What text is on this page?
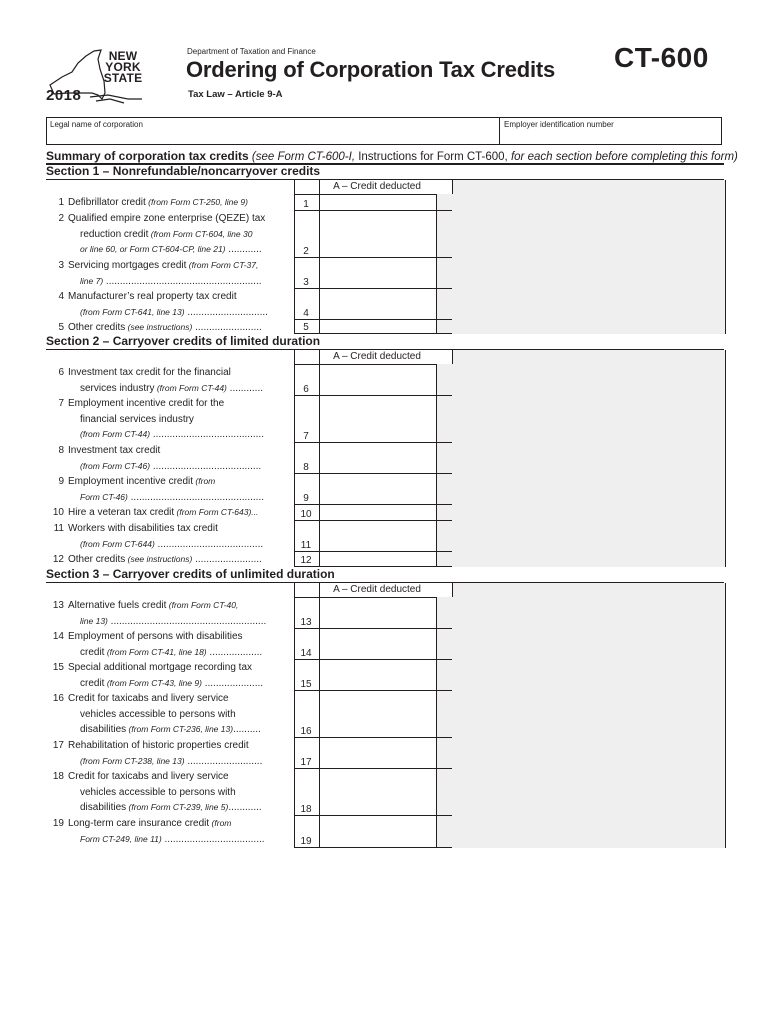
NEW
YORK
STATE
2018
Department of Taxation and Finance
Ordering of Corporation Tax Credits
Tax Law – Article 9-A
CT-600
Legal name of corporation	Employer identification number
Summary of corporation tax credits (see Form CT-600-I, Instructions for Form CT-600, for each section before completing this form)
Section 1 – Nonrefundable/noncarryover credits
A – Credit deducted
1 Defibrillator credit (from Form CT-250, line 9)	1
2 Qualified empire zone enterprise (QEZE) tax
reduction credit (from Form CT-604, line 30
or line 60, or Form CT-604-CP, line 21) ............	2
3 Servicing mortgages credit (from Form CT-37,
line 7) ........................................................	3
4 Manufacturer’s real property tax credit
(from Form CT-641, line 13) .............................	4
5 Other credits (see instructions) ........................	5
Section 2 – Carryover credits of limited duration
A – Credit deducted
6 Investment tax credit for the financial
services industry (from Form CT-44) ............	6
7 Employment incentive credit for the
financial services industry
(from Form CT-44) ........................................	7
8 Investment tax credit
(from Form CT-46) .......................................	8
9 Employment incentive credit (from
Form CT-46) ................................................	9
10 Hire a veteran tax credit (from Form CT-643)...	10
11 Workers with disabilities tax credit
(from Form CT-644) ......................................	11
12 Other credits (see instructions) ........................	12
Section 3 – Carryover credits of unlimited duration
A – Credit deducted
13 Alternative fuels credit (from Form CT-40,
line 13) ........................................................	13
14 Employment of persons with disabilities
credit (from Form CT-41, line 18) ...................	14
15 Special additional mortgage recording tax
credit (from Form CT-43, line 9) .....................	15
16 Credit for taxicabs and livery service
vehicles accessible to persons with
disabilities (from Form CT-236, line 13)..........	16
17 Rehabilitation of historic properties credit
(from Form CT-238, line 13) ...........................	17
18 Credit for taxicabs and livery service
vehicles accessible to persons with
disabilities (from Form CT-239, line 5)............	18
19 Long-term care insurance credit (from
Form CT-249, line 11) ....................................	19
